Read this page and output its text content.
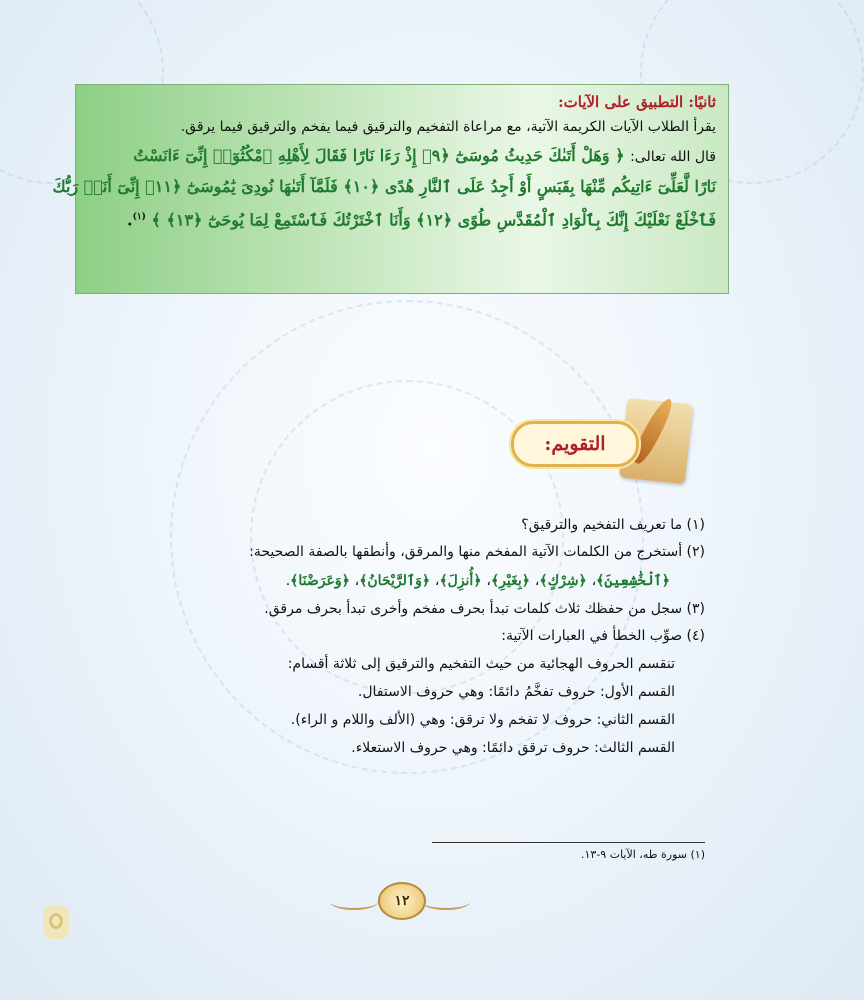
ثانيًا: التطبيق على الآيات:
يقرأ الطلاب الآيات الكريمة الآتية، مع مراعاة التفخيم والترقيق فيما يفخم والترقيق فيما يرقق.
قال الله تعالى: ﴿ وَهَلْ أَتَىٰكَ حَدِيثُ مُوسَىٰٓ ﴿٩﴾ إِذْ رَءَا نَارًا فَقَالَ لِأَهْلِهِ ٱمْكُثُوٓا۟ إِنِّىٓ ءَانَسْتُ
نَارًا لَّعَلِّىٓ ءَاتِيكُم مِّنْهَا بِقَبَسٍ أَوْ أَجِدُ عَلَى ٱلنَّارِ هُدًى ﴿١٠﴾ فَلَمَّآ أَتَىٰهَا نُودِىَ يَٰمُوسَىٰٓ ﴿١١﴾ إِنِّىٓ أَنَا۠ رَبُّكَ
فَٱخْلَعْ نَعْلَيْكَ إِنَّكَ بِٱلْوَادِ ٱلْمُقَدَّسِ طُوًى ﴿١٢﴾ وَأَنَا ٱخْتَرْتُكَ فَٱسْتَمِعْ لِمَا يُوحَىٰٓ ﴿١٣﴾ ﴾ $^{(١)}$.
التقويم:
(١) ما تعريف التفخيم والترقيق؟
(٢) أستخرج من الكلمات الآتية المفخم منها والمرقق، وأنطقها بالصفة الصحيحة:
﴿ٱلْخَٰشِعِينَ﴾، ﴿شِرْكٍ﴾، ﴿بِغَيْرِ﴾، ﴿أُنزِلَ﴾، ﴿وَٱلرَّيْحَانُ﴾، ﴿وَعَرَضْنَا﴾.
(٣) سجل من حفظك ثلاث كلمات تبدأ بحرف مفخم وأخرى تبدأ بحرف مرقق.
(٤) صوِّب الخطأ في العبارات الآتية:
تنقسم الحروف الهجائية من حيث التفخيم والترقيق إلى ثلاثة أقسام:
القسم الأول: حروف تفخَّمُ دائمًا: وهي حروف الاستفال.
القسم الثاني: حروف لا تفخم ولا ترقق: وهي (الألف واللام و الراء).
القسم الثالث: حروف ترقق دائمًا: وهي حروف الاستعلاء.
(١) سورة طه، الآيات ٩-١٣.
١٢
